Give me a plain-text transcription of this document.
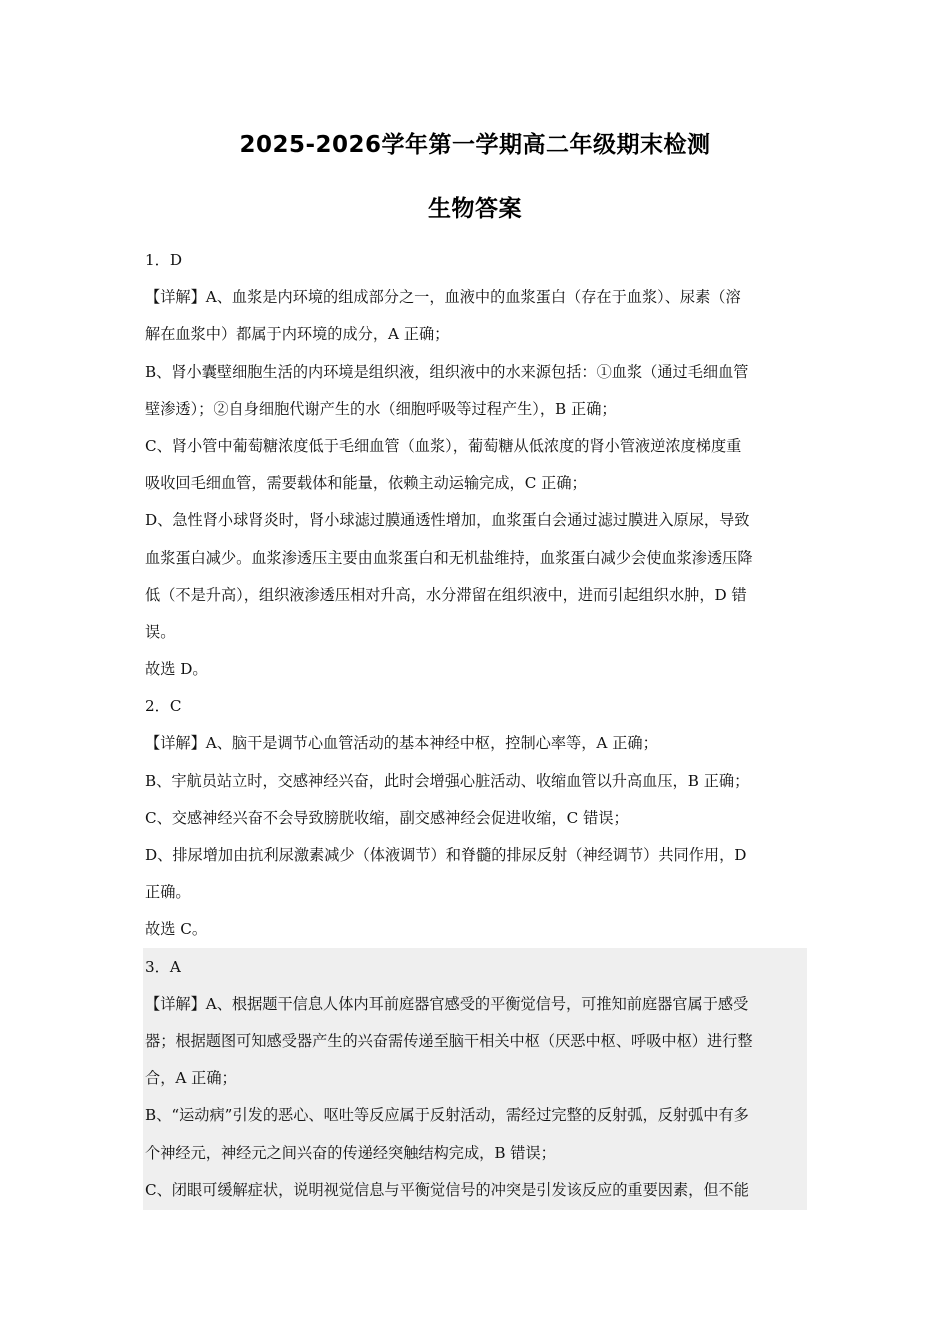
2025-2026学年第一学期高二年级期末检测
生物答案
1．D
【详解】A、血浆是内环境的组成部分之一，血液中的血浆蛋白（存在于血浆）、尿素（溶
解在血浆中）都属于内环境的成分，A 正确；
B、肾小囊壁细胞生活的内环境是组织液，组织液中的水来源包括：①血浆（通过毛细血管
壁渗透）；②自身细胞代谢产生的水（细胞呼吸等过程产生），B 正确；
C、肾小管中葡萄糖浓度低于毛细血管（血浆），葡萄糖从低浓度的肾小管液逆浓度梯度重
吸收回毛细血管，需要载体和能量，依赖主动运输完成，C 正确；
D、急性肾小球肾炎时，肾小球滤过膜通透性增加，血浆蛋白会通过滤过膜进入原尿，导致
血浆蛋白减少。血浆渗透压主要由血浆蛋白和无机盐维持，血浆蛋白减少会使血浆渗透压降
低（不是升高），组织液渗透压相对升高，水分滞留在组织液中，进而引起组织水肿，D 错
误。
故选 D。
2．C
【详解】A、脑干是调节心血管活动的基本神经中枢，控制心率等，A 正确；
B、宇航员站立时，交感神经兴奋，此时会增强心脏活动、收缩血管以升高血压，B 正确；
C、交感神经兴奋不会导致膀胱收缩，副交感神经会促进收缩，C 错误；
D、排尿增加由抗利尿激素减少（体液调节）和脊髓的排尿反射（神经调节）共同作用，D
正确。
故选 C。
3．A
【详解】A、根据题干信息人体内耳前庭器官感受的平衡觉信号，可推知前庭器官属于感受
器；根据题图可知感受器产生的兴奋需传递至脑干相关中枢（厌恶中枢、呼吸中枢）进行整
合，A 正确；
B、“运动病”引发的恶心、呕吐等反应属于反射活动，需经过完整的反射弧，反射弧中有多
个神经元，神经元之间兴奋的传递经突触结构完成，B 错误；
C、闭眼可缓解症状，说明视觉信息与平衡觉信号的冲突是引发该反应的重要因素，但不能
